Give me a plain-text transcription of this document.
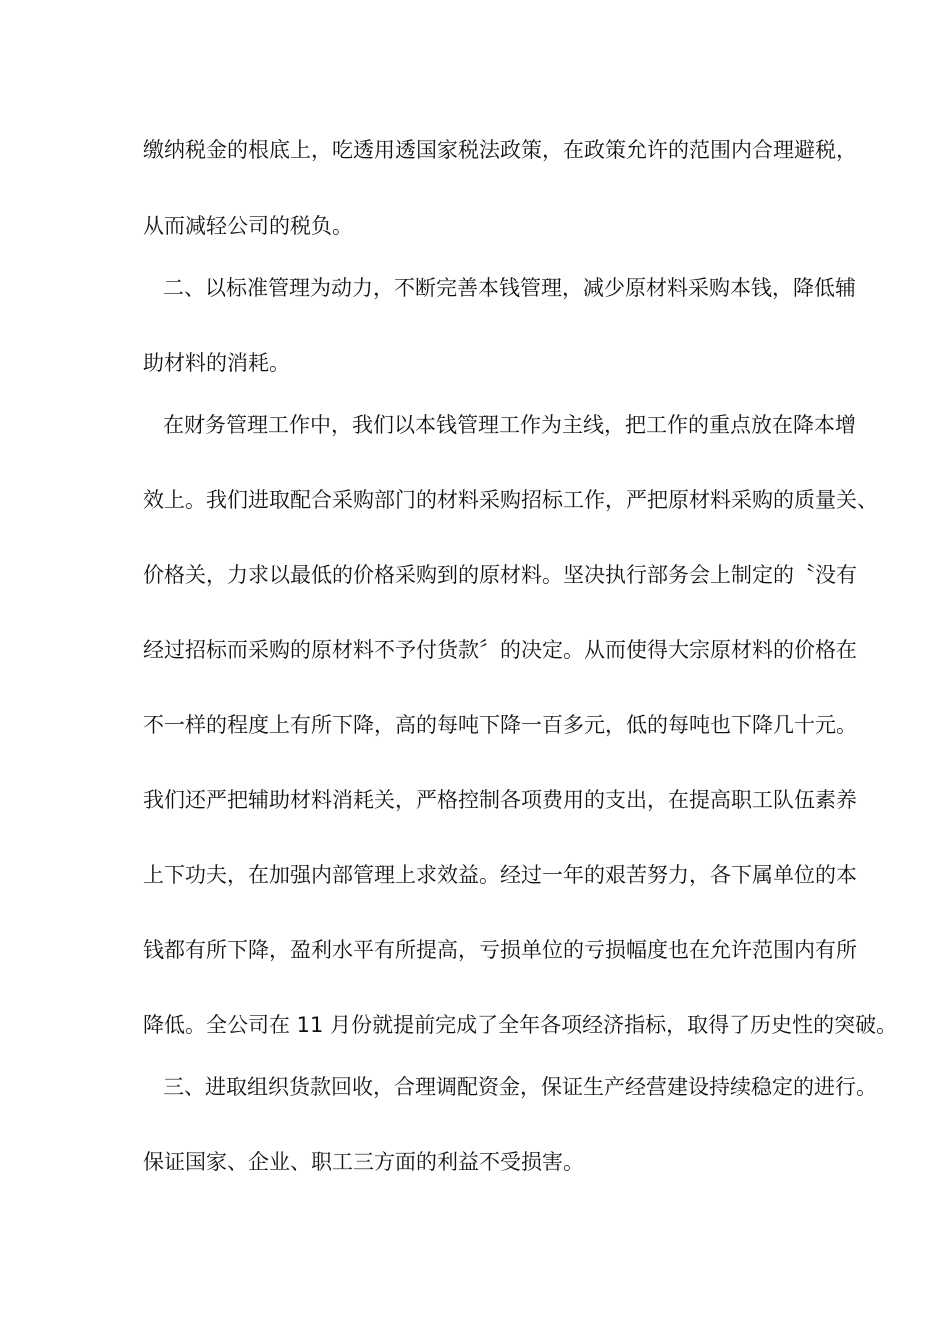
缴纳税金的根底上，吃透用透国家税法政策，在政策允许的范围内合理避税，
从而减轻公司的税负。
二、以标准管理为动力，不断完善本钱管理，减少原材料采购本钱，降低辅
助材料的消耗。
在财务管理工作中，我们以本钱管理工作为主线，把工作的重点放在降本增
效上。我们进取配合采购部门的材料采购招标工作，严把原材料采购的质量关、
价格关，力求以最低的价格采购到的原材料。坚决执行部务会上制定的〝没有
经过招标而采购的原材料不予付货款〞的决定。从而使得大宗原材料的价格在
不一样的程度上有所下降，高的每吨下降一百多元，低的每吨也下降几十元。
我们还严把辅助材料消耗关，严格控制各项费用的支出，在提高职工队伍素养
上下功夫，在加强内部管理上求效益。经过一年的艰苦努力，各下属单位的本
钱都有所下降，盈利水平有所提高，亏损单位的亏损幅度也在允许范围内有所
降低。全公司在 11 月份就提前完成了全年各项经济指标，取得了历史性的突破。
三、进取组织货款回收，合理调配资金，保证生产经营建设持续稳定的进行。
保证国家、企业、职工三方面的利益不受损害。
